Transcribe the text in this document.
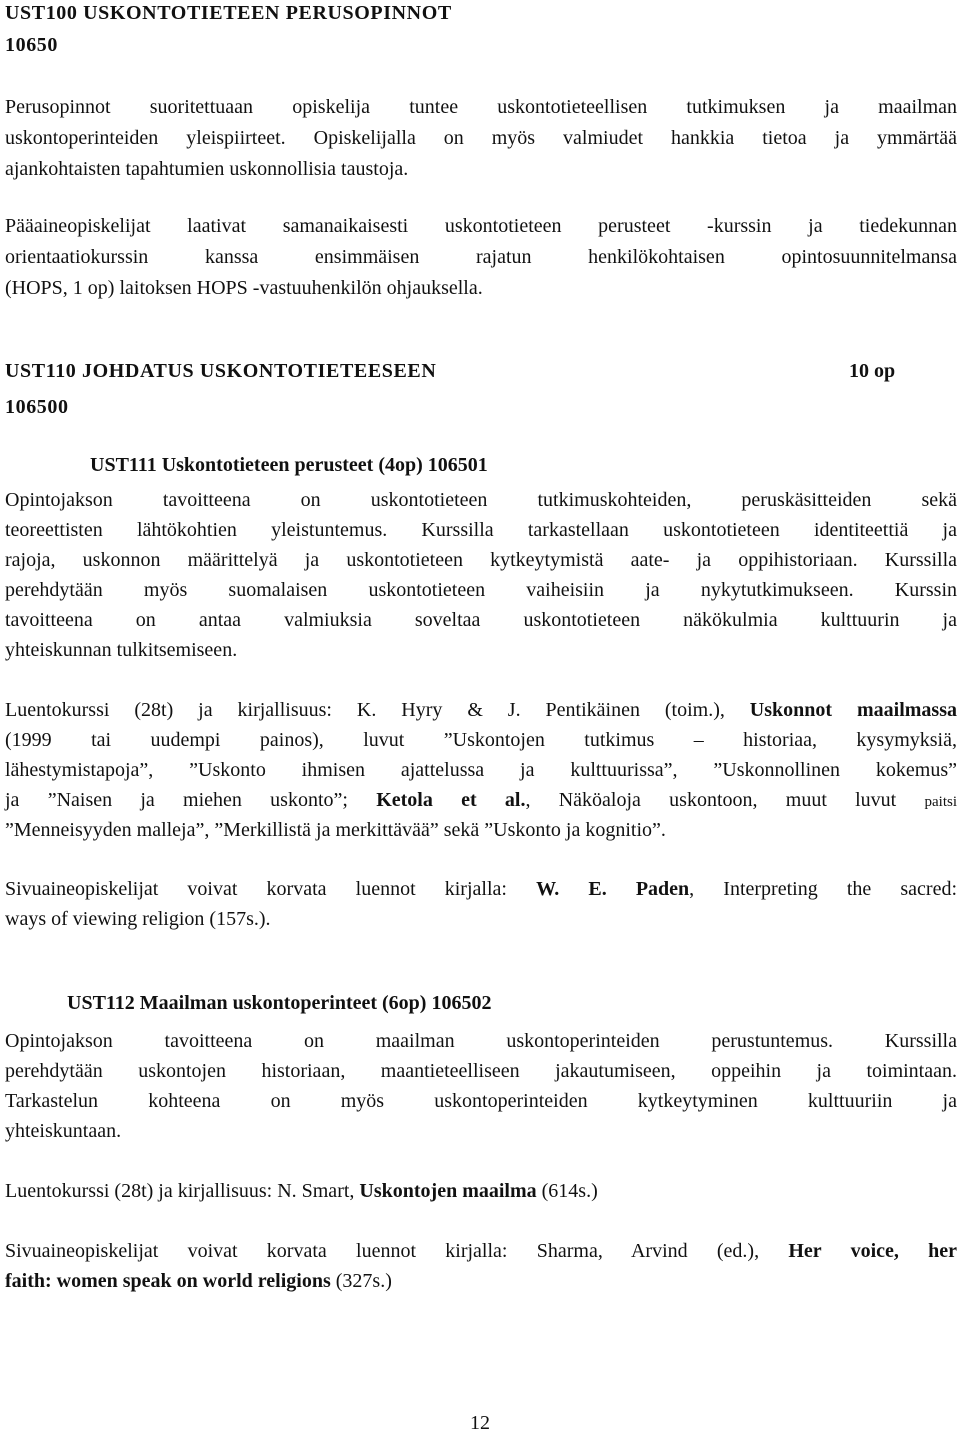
UST100 USKONTOTIETEEN PERUSOPINNOT
10650
Perusopinnot suoritettuaan opiskelija tuntee uskontotieteellisen tutkimuksen ja maailman
uskontoperinteiden yleispiirteet. Opiskelijalla on myös valmiudet hankkia tietoa ja ymmärtää
ajankohtaisten tapahtumien uskonnollisia taustoja.
Pääaineopiskelijat laativat samanaikaisesti uskontotieteen perusteet -kurssin ja tiedekunnan
orientaatiokurssin kanssa ensimmäisen rajatun henkilökohtaisen opintosuunnitelmansa
(HOPS, 1 op) laitoksen HOPS -vastuuhenkilön ohjauksella.
UST110 JOHDATUS USKONTOTIETEESEEN	10 op
106500
UST111 Uskontotieteen perusteet (4op) 106501
Opintojakson tavoitteena on uskontotieteen tutkimuskohteiden, peruskäsitteiden sekä
teoreettisten lähtökohtien yleistuntemus. Kurssilla tarkastellaan uskontotieteen identiteettiä ja
rajoja, uskonnon määrittelyä ja uskontotieteen kytkeytymistä aate- ja oppihistoriaan. Kurssilla
perehdytään myös suomalaisen uskontotieteen vaiheisiin ja nykytutkimukseen. Kurssin
tavoitteena on antaa valmiuksia soveltaa uskontotieteen näkökulmia kulttuurin ja
yhteiskunnan tulkitsemiseen.
Luentokurssi (28t) ja kirjallisuus: K. Hyry & J. Pentikäinen (toim.), Uskonnot maailmassa
(1999 tai uudempi painos), luvut ”Uskontojen tutkimus – historiaa, kysymyksiä,
lähestymistapoja”, ”Uskonto ihmisen ajattelussa ja kulttuurissa”, ”Uskonnollinen kokemus”
ja ”Naisen ja miehen uskonto”; Ketola et al., Näköaloja uskontoon, muut luvut paitsi
”Menneisyyden malleja”, ”Merkillistä ja merkittävää” sekä ”Uskonto ja kognitio”.
Sivuaineopiskelijat voivat korvata luennot kirjalla: W. E. Paden, Interpreting the sacred:
ways of viewing religion (157s.).
UST112 Maailman uskontoperinteet (6op) 106502
Opintojakson tavoitteena on maailman uskontoperinteiden perustuntemus. Kurssilla
perehdytään uskontojen historiaan, maantieteelliseen jakautumiseen, oppeihin ja toimintaan.
Tarkastelun kohteena on myös uskontoperinteiden kytkeytyminen kulttuuriin ja
yhteiskuntaan.
Luentokurssi (28t) ja kirjallisuus: N. Smart, Uskontojen maailma (614s.)
Sivuaineopiskelijat voivat korvata luennot kirjalla: Sharma, Arvind (ed.), Her voice, her
faith: women speak on world religions (327s.)
12
